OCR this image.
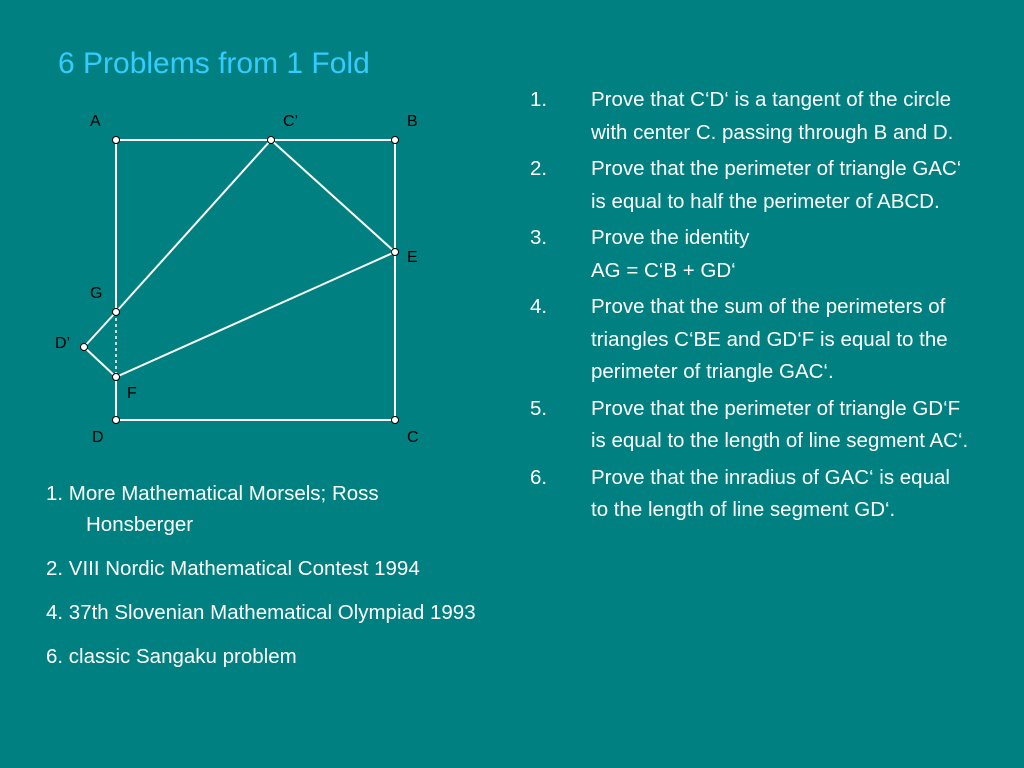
6 Problems from 1 Fold
A	C’	B
E
G
D’
F
D	C
1. Prove that C‘D‘ is a tangent of the circle with center C. passing through B and D.
2. Prove that the perimeter of triangle GAC‘ is equal to half the perimeter of ABCD.
3. Prove the identity
AG = C‘B + GD‘
4. Prove that the sum of the perimeters of triangles C‘BE and GD‘F is equal to the perimeter of triangle GAC‘.
5. Prove that the perimeter of triangle GD‘F is equal to the length of line segment AC‘.
6. Prove that the inradius of GAC‘ is equal to the length of line segment GD‘.
1. More Mathematical Morsels; Ross Honsberger
2. VIII Nordic Mathematical Contest 1994
4. 37th Slovenian Mathematical Olympiad 1993
6. classic Sangaku problem
